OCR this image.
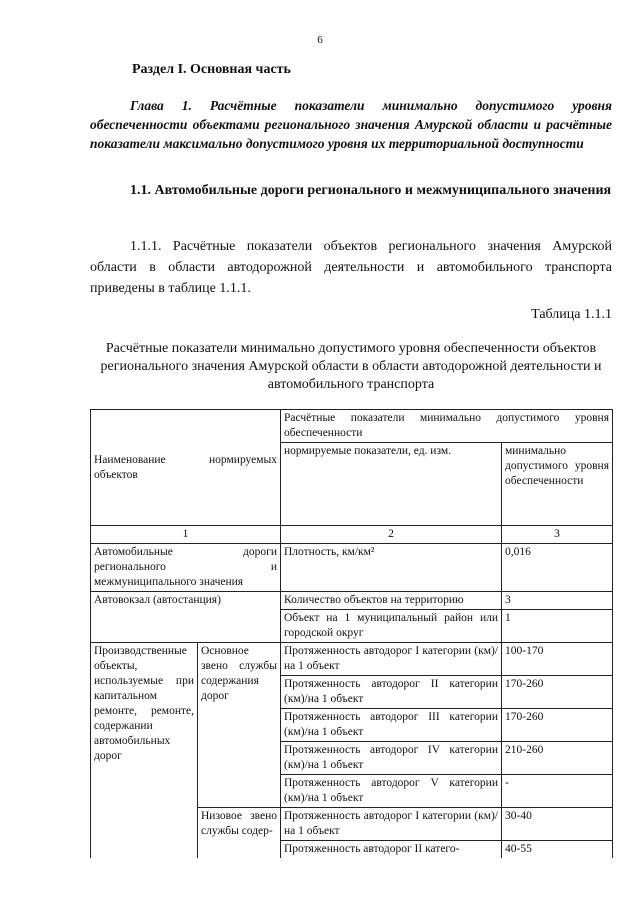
6
Раздел I. Основная часть

Глава 1. Расчётные показатели минимально допустимого уровня обеспеченности объектами регионального значения Амурской области и расчётные показатели максимально допустимого уровня их территориальной доступности

1.1. Автомобильные дороги регионального и межмуниципального значения

1.1.1. Расчётные показатели объектов регионального значения Амурской области в области автодорожной деятельности и автомобильного транспорта приведены в таблице 1.1.1.

Таблица 1.1.1

Расчётные показатели минимально допустимого уровня обеспеченности объектов регионального значения Амурской области в области автодорожной деятельности и автомобильного транспорта

Наименование нормируемых
объектов		Расчётные показатели минимально допустимого уровня обеспеченности	
		нормируемые показатели, ед. изм.	минимально допустимого уровня обеспеченности
1		2	3
Автомобильные дороги регионального и межмуниципального значения		Плотность, км/км²	0,016
Автовокзал (автостанция)		Количество объектов на территорию	3
		Объект на 1 муниципальный район или городской округ	1
Производственные объекты, используемые при капитальном ремонте, ремонте, содержании автомобильных дорог	Основное звено службы содержания дорог	Протяженность автодорог I категории (км)/на 1 объект	100-170
		Протяженность автодорог II категории (км)/на 1 объект	170-260
		Протяженность автодорог III категории (км)/на 1 объект	170-260
		Протяженность автодорог IV категории (км)/на 1 объект	210-260
		Протяженность автодорог V категории (км)/на 1 объект	-
	Низовое звено службы содер-	Протяженность автодорог I категории (км)/на 1 объект	30-40
		Протяженность автодорог II катего-	40-55
